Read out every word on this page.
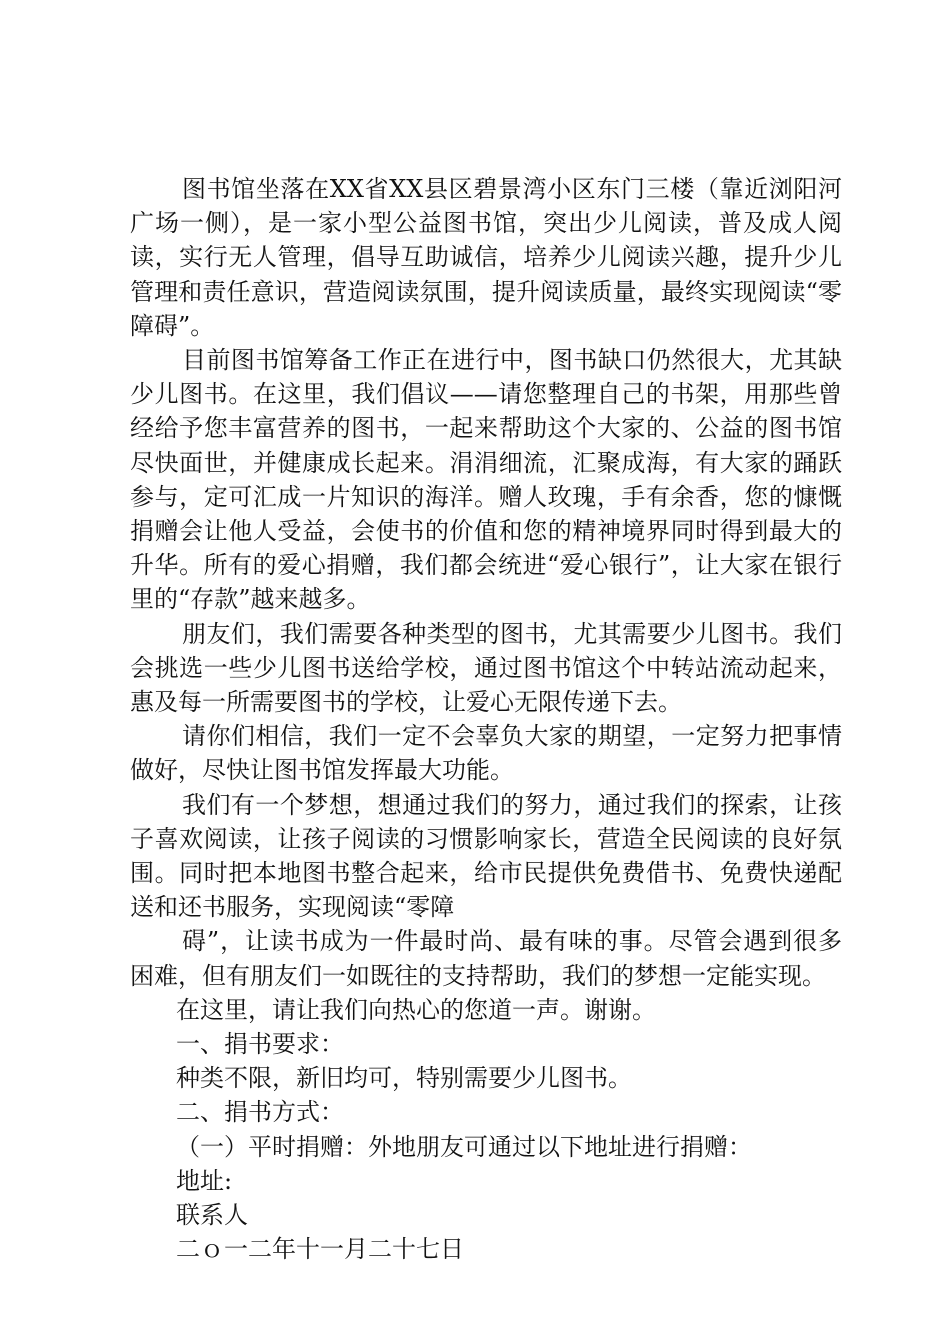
图书馆坐落在XX省XX县区碧景湾小区东门三楼（靠近浏阳河广场一侧），是一家小型公益图书馆，突出少儿阅读，普及成人阅读，实行无人管理，倡导互助诚信，培养少儿阅读兴趣，提升少儿管理和责任意识，营造阅读氛围，提升阅读质量，最终实现阅读“零障碍”。

目前图书馆筹备工作正在进行中，图书缺口仍然很大，尤其缺少儿图书。在这里，我们倡议——请您整理自己的书架，用那些曾经给予您丰富营养的图书，一起来帮助这个大家的、公益的图书馆尽快面世，并健康成长起来。涓涓细流，汇聚成海，有大家的踊跃参与，定可汇成一片知识的海洋。赠人玫瑰，手有余香，您的慷慨捐赠会让他人受益，会使书的价值和您的精神境界同时得到最大的升华。所有的爱心捐赠，我们都会统进“爱心银行”，让大家在银行里的“存款”越来越多。

朋友们，我们需要各种类型的图书，尤其需要少儿图书。我们会挑选一些少儿图书送给学校，通过图书馆这个中转站流动起来，惠及每一所需要图书的学校，让爱心无限传递下去。

请你们相信，我们一定不会辜负大家的期望，一定努力把事情做好，尽快让图书馆发挥最大功能。

我们有一个梦想，想通过我们的努力，通过我们的探索，让孩子喜欢阅读，让孩子阅读的习惯影响家长，营造全民阅读的良好氛围。同时把本地图书整合起来，给市民提供免费借书、免费快递配送和还书服务，实现阅读“零障

碍”，让读书成为一件最时尚、最有味的事。尽管会遇到很多困难，但有朋友们一如既往的支持帮助，我们的梦想一定能实现。

在这里，请让我们向热心的您道一声。谢谢。

一、捐书要求：

种类不限，新旧均可，特别需要少儿图书。

二、捐书方式：

（一）平时捐赠：外地朋友可通过以下地址进行捐赠：

地址:

联系人

二ｏ一二年十一月二十七日
